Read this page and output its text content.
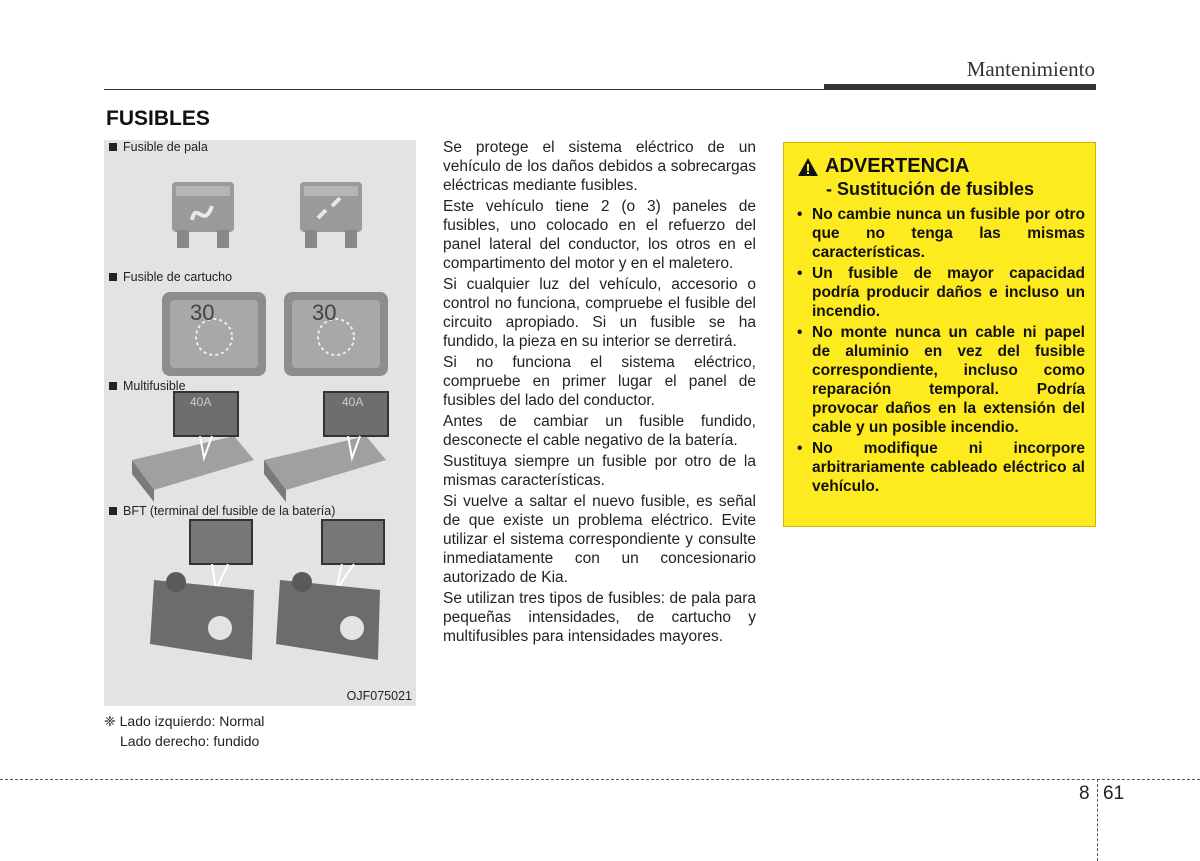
Mantenimiento
FUSIBLES
30	30
40A	40A
Fusible de pala
Fusible de cartucho
Multifusible
BFT (terminal del fusible de la batería)
OJF075021
❈ Lado izquierdo: Normal
Lado derecho: fundido

Se protege el sistema eléctrico de un vehículo de los daños debidos a sobrecargas eléctricas mediante fusibles.

Este vehículo tiene 2 (o 3) paneles de fusibles, uno colocado en el refuerzo del panel lateral del conductor, los otros en el compartimento del motor y en el maletero.

Si cualquier luz del vehículo, accesorio o control no funciona, compruebe el fusible del circuito apropiado. Si un fusible se ha fundido, la pieza en su interior se derretirá.

Si no funciona el sistema eléctrico, compruebe en primer lugar el panel de fusibles del lado del conductor.

Antes de cambiar un fusible fundido, desconecte el cable negativo de la batería.

Sustituya siempre un fusible por otro de la mismas características.

Si vuelve a saltar el nuevo fusible, es señal de que existe un problema eléctrico. Evite utilizar el sistema correspondiente y consulte inmediatamente con un concesionario autorizado de Kia.

Se utilizan tres tipos de fusibles: de pala para pequeñas intensidades, de cartucho y multifusibles para intensidades mayores.

ADVERTENCIA
- Sustitución de fusibles
• No cambie nunca un fusible por otro que no tenga las mismas características.
• Un fusible de mayor capacidad podría producir daños e incluso un incendio.
• No monte nunca un cable ni papel de aluminio en vez del fusible correspondiente, incluso como reparación temporal. Podría provocar daños en la extensión del cable y un posible incendio.
• No modifique ni incorpore arbitrariamente cableado eléctrico al vehículo.
8 61
